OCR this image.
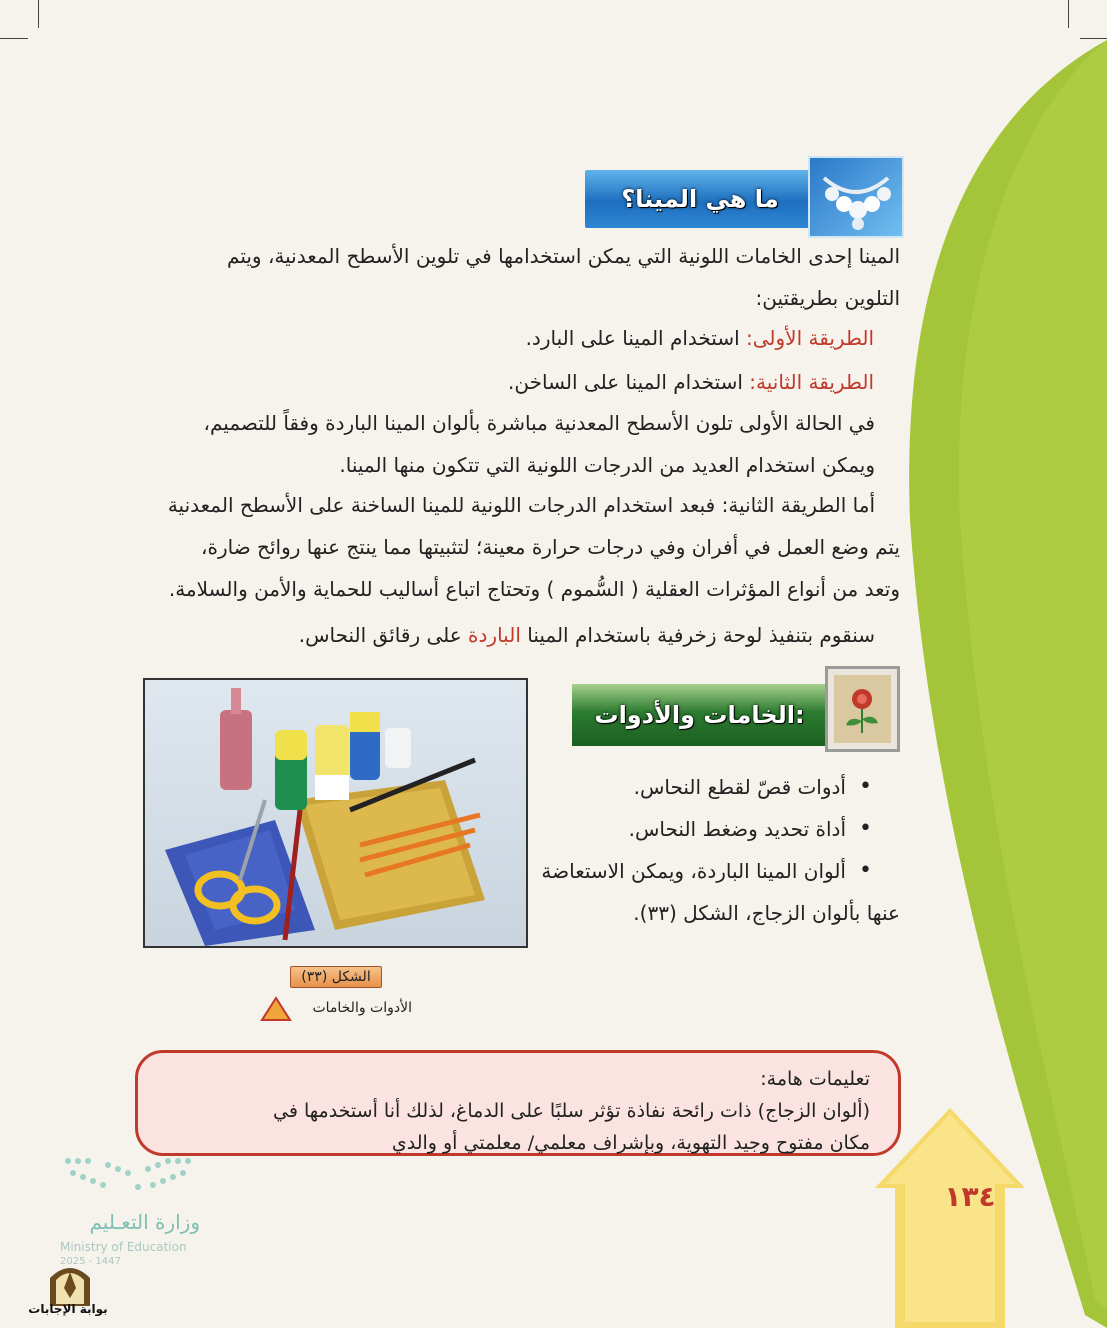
ما هي المينا؟
المينا إحدى الخامات اللونية التي يمكن استخدامها في تلوين الأسطح المعدنية، ويتم
التلوين بطريقتين:
الطريقة الأولى: استخدام المينا على البارد.
الطريقة الثانية: استخدام المينا على الساخن.
في الحالة الأولى تلون الأسطح المعدنية مباشرة بألوان المينا الباردة وفقاً للتصميم،
ويمكن استخدام العديد من الدرجات اللونية التي تتكون منها المينا.
أما الطريقة الثانية: فبعد استخدام الدرجات اللونية للمينا الساخنة على الأسطح المعدنية
يتم وضع العمل في أفران وفي درجات حرارة معينة؛ لتثبيتها مما ينتج عنها روائح ضارة،
وتعد من أنواع المؤثرات العقلية ( السُّموم ) وتحتاج اتباع أساليب للحماية والأمن والسلامة.
سنقوم بتنفيذ لوحة زخرفية باستخدام المينا الباردة على رقائق النحاس.
الخامات والأدوات:
• أدوات قصّ لقطع النحاس.
• أداة تحديد وضغط النحاس.
• ألوان المينا الباردة، ويمكن الاستعاضة
عنها بألوان الزجاج، الشكل (٣٣).
الشكل (٣٣)
الأدوات والخامات
تعليمات هامة:
(ألوان الزجاج) ذات رائحة نفاذة تؤثر سلبًا على الدماغ، لذلك أنا أستخدمها في
مكان مفتوح وجيد التهوية، وبإشراف معلمي/ معلمتي أو والدي
١٣٤
وزارة التعـليم
Ministry of Education
2025 - 1447
بوابة الإجابات
